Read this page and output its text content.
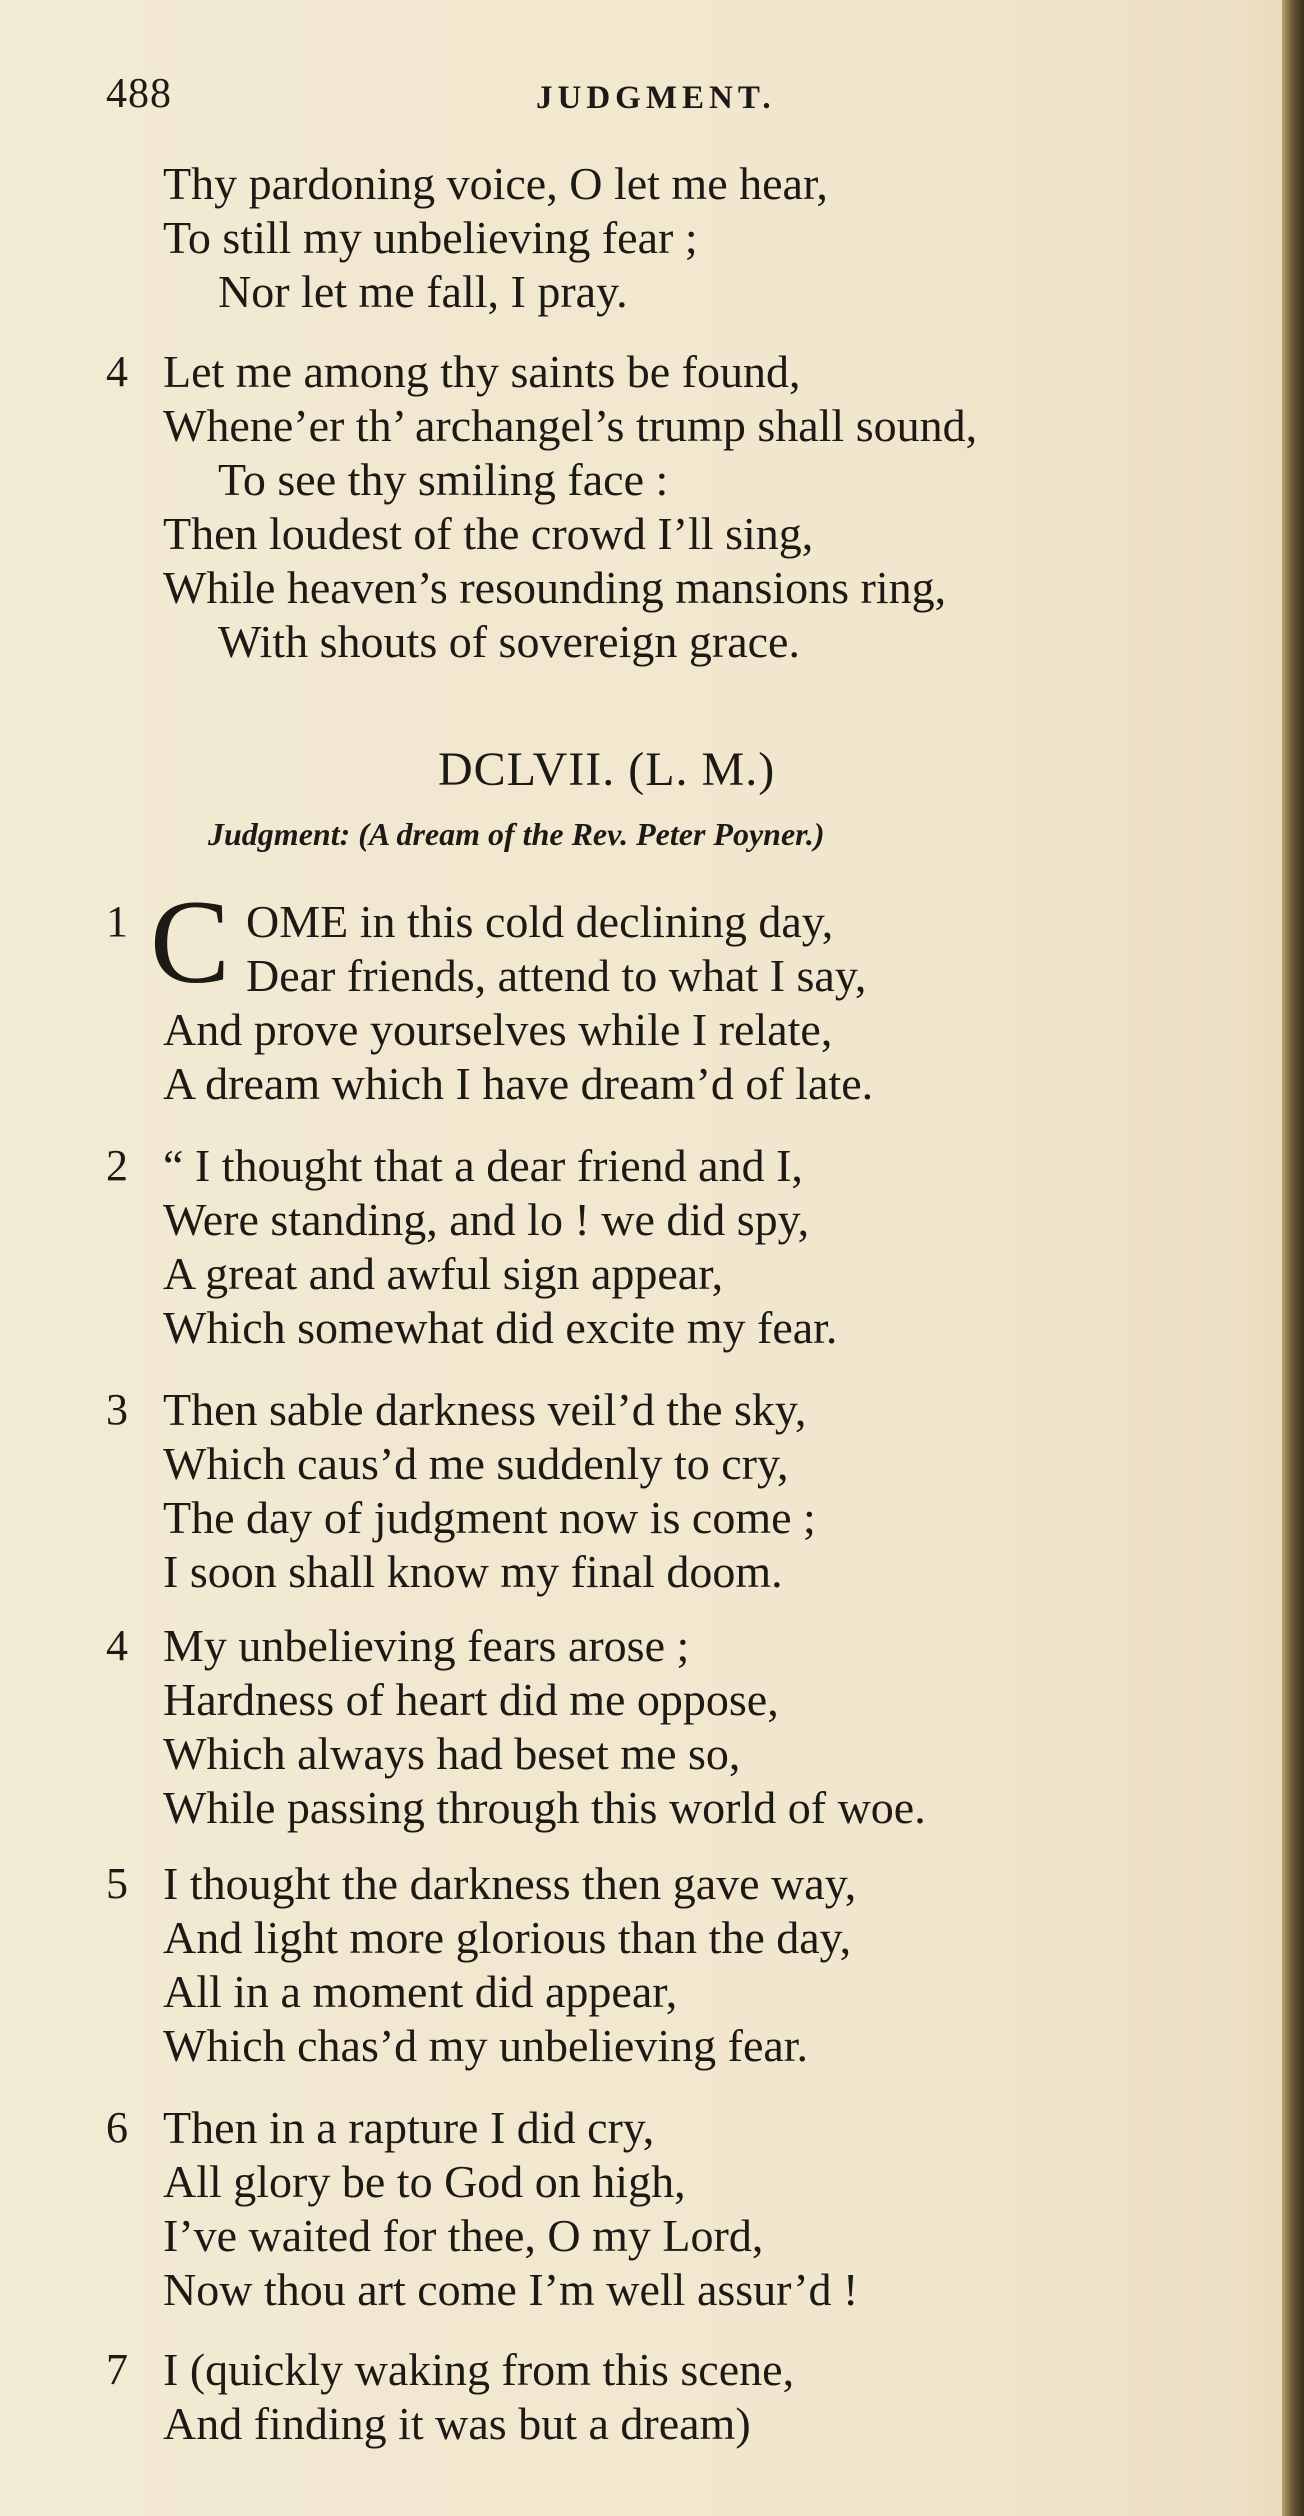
488	JUDGMENT.
Thy pardoning voice, O let me hear,
To still my unbelieving fear ;
Nor let me fall, I pray.
4 Let me among thy saints be found,
Whene’er th’ archangel’s trump shall sound,
To see thy smiling face :
Then loudest of the crowd I’ll sing,
While heaven’s resounding mansions ring,
With shouts of sovereign grace.
DCLVII. (L. M.)
Judgment: (A dream of the Rev. Peter Poyner.)
1 C OME in this cold declining day,
Dear friends, attend to what I say,
And prove yourselves while I relate,
A dream which I have dream’d of late.
2 “ I thought that a dear friend and I,
Were standing, and lo ! we did spy,
A great and awful sign appear,
Which somewhat did excite my fear.
3 Then sable darkness veil’d the sky,
Which caus’d me suddenly to cry,
The day of judgment now is come ;
I soon shall know my final doom.
4 My unbelieving fears arose ;
Hardness of heart did me oppose,
Which always had beset me so,
While passing through this world of woe.
5 I thought the darkness then gave way,
And light more glorious than the day,
All in a moment did appear,
Which chas’d my unbelieving fear.
6 Then in a rapture I did cry,
All glory be to God on high,
I’ve waited for thee, O my Lord,
Now thou art come I’m well assur’d !
7 I (quickly waking from this scene,
And finding it was but a dream)
